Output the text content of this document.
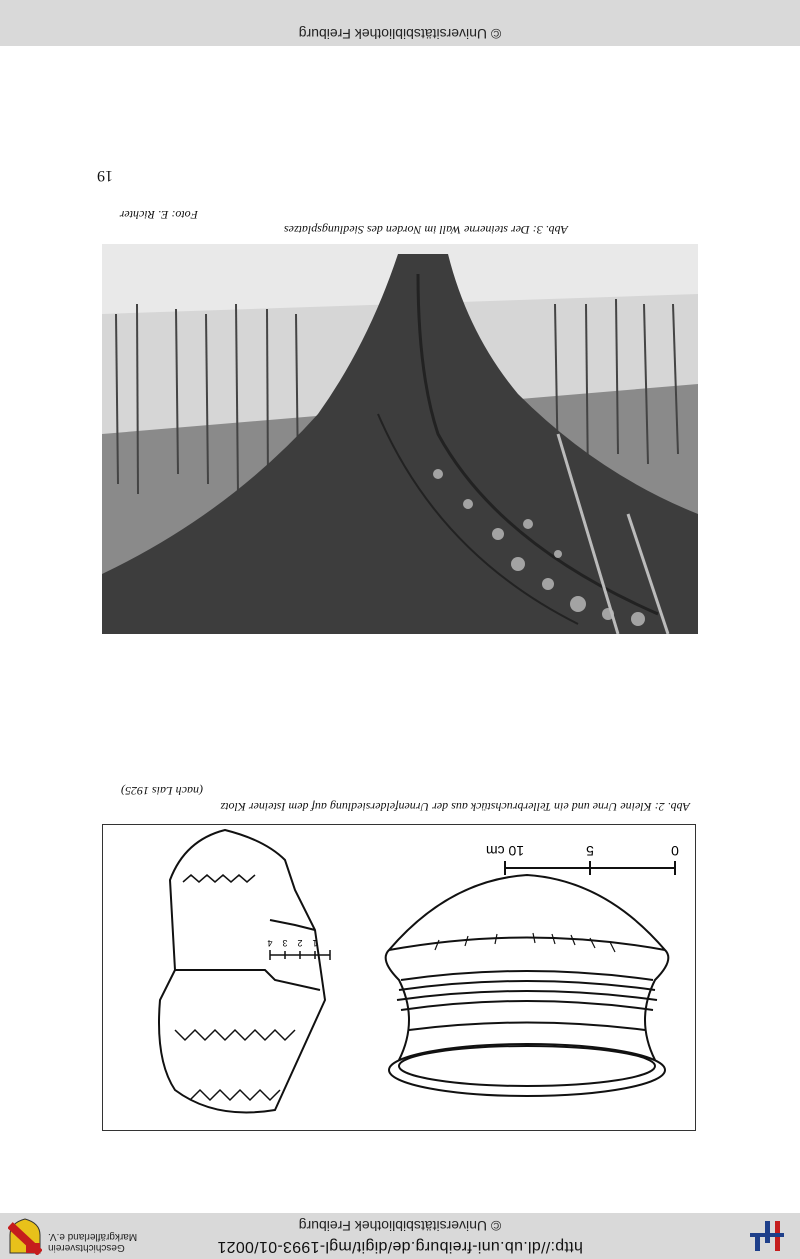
http://dl.ub.uni-freiburg.de/digit/mgl-1993-01/0021
© Universitätsbibliothek Freiburg
Geschichtsverein
Markgräflerland e.V.
© Universitätsbibliothek Freiburg
19
Abb. 3: Der steinerne Wall im Norden des Siedlungsplatzes
Foto: E. Richter
Abb. 2: Kleine Urne und ein Tellerbruchstück aus der Urnenfeldersiedlung auf dem Isteiner Klotz
(nach Lais 1925)
0
5
10 cm
1
2
3
4
